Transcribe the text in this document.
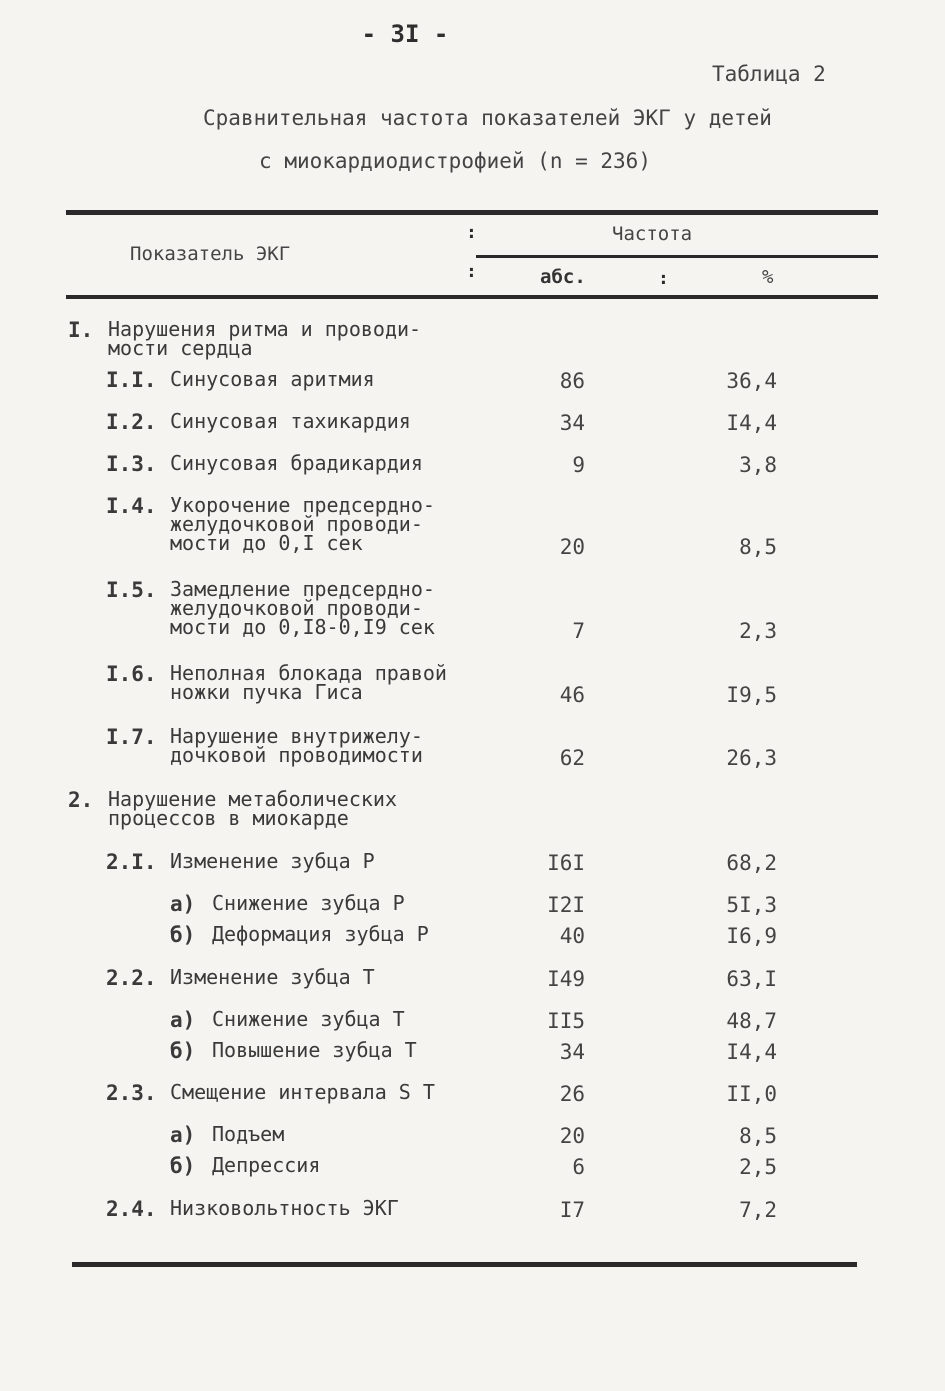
- 3I -
Таблица 2
Сравнительная частота показателей ЭКГ у детей
с миокардиодистрофией (n = 236)
Показатель ЭКГ
Частота
абс.	%
:
:	:
I. Нарушения ритма и проводи-
мости сердца
I.I. Синусовая аритмия	86	36,4
I.2. Синусовая тахикардия	34	I4,4
I.3. Синусовая брадикардия	9	3,8
I.4. Укорочение предсердно-
желудочковой проводи-
мости до 0,I сек	20	8,5
I.5. Замедление предсердно-
желудочковой проводи-
мости до 0,I8-0,I9 сек	7	2,3
I.6. Неполная блокада правой
ножки пучка Гиса	46	I9,5
I.7. Нарушение внутрижелу-
дочковой проводимости	62	26,3
2. Нарушение метаболических
процессов в миокарде
2.I. Изменение зубца Р	I6I	68,2
а) Снижение зубца Р	I2I	5I,3
б) Деформация зубца Р	40	I6,9
2.2. Изменение зубца Т	I49	63,I
а) Снижение зубца Т	II5	48,7
б) Повышение зубца Т	34	I4,4
2.3. Смещение интервала S Т	26	II,0
а) Подъем	20	8,5
б) Депрессия	6	2,5
2.4. Низковольтность ЭКГ	I7	7,2
